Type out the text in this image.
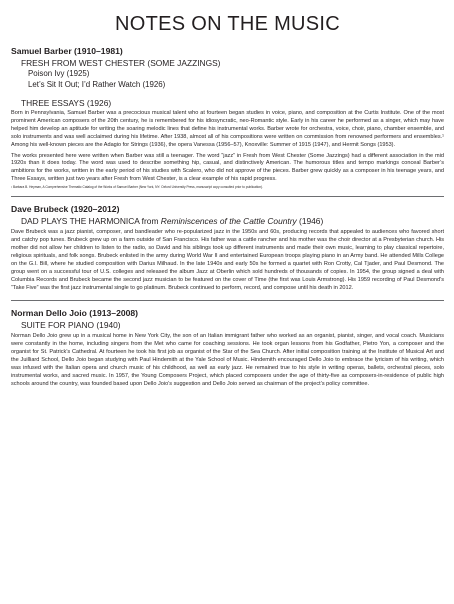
NOTES ON THE MUSIC
Samuel Barber (1910–1981)
FRESH FROM WEST CHESTER (SOME JAZZINGS)
Poison Ivy (1925)
Let’s Sit It Out; I’d Rather Watch (1926)
THREE ESSAYS (1926)

Born in Pennsylvania, Samuel Barber was a precocious musical talent who at fourteen began studies in voice, piano, and composition at the Curtis Institute. One of the most prominent American composers of the 20th century, he is remembered for his idiosyncratic, neo-Romantic style. Early in his career he performed as a singer, which may have helped him develop an aptitude for writing the soaring melodic lines that define his instrumental works. Barber wrote for orchestra, voice, choir, piano, chamber ensemble, and solo instruments and was well acclaimed during his lifetime. After 1938, almost all of his compositions were written on commission from renowned performers and ensembles.¹ Among his well-known pieces are the Adagio for Strings (1936), the opera Vanessa (1956–57), Knoxville: Summer of 1915 (1947), and Hermit Songs (1953).

The works presented here were written when Barber was still a teenager. The word “jazz” in Fresh from West Chester (Some Jazzings) had a different association in the mid 1920s than it does today. The word was used to describe something hip, casual, and distinctively American. The humorous titles and tempo markings conceal Barber’s ambitions for the works, written in the early period of his studies with Scalero, who did not approve of the pieces. Barber grew quickly as a composer in his teenage years, and Three Essays, written just two years after Fresh from West Chester, is a clear example of his rapid progress.

¹ Barbara B. Heyman, A Comprehensive Thematic Catalog of the Works of Samuel Barber (New York, NY: Oxford University Press, manuscript copy consulted prior to publication).

Dave Brubeck (1920–2012)
DAD PLAYS THE HARMONICA from Reminiscences of the Cattle Country (1946)

Dave Brubeck was a jazz pianist, composer, and bandleader who re-popularized jazz in the 1950s and 60s, producing records that appealed to audiences who favored short and catchy pop tunes. Brubeck grew up on a farm outside of San Francisco. His father was a cattle rancher and his mother was the choir director at a Presbyterian church. His mother did not allow her children to listen to the radio, so David and his siblings took up different instruments and made their own music, learning to play classical repertoire, religious spirituals, and folk songs. Brubeck enlisted in the army during World War II and entertained European troops playing piano in an Army band. He attended Mills College on the G.I. Bill, where he studied composition with Darius Milhaud. In the late 1940s and early 50s he formed a quartet with Ron Crotty, Cal Tjader, and Paul Desmond. The group went on a successful tour of U.S. colleges and released the album Jazz at Oberlin which sold hundreds of thousands of copies. In 1954, the group signed a deal with Columbia Records and Brubeck became the second jazz musician to be featured on the cover of Time (the first was Louis Armstrong). His 1959 recording of Paul Desmond’s “Take Five” was the first jazz instrumental single to go platinum. Brubeck continued to perform, record, and compose until his death in 2012.

Norman Dello Joio (1913–2008)
SUITE FOR PIANO (1940)

Norman Dello Joio grew up in a musical home in New York City, the son of an Italian immigrant father who worked as an organist, pianist, singer, and vocal coach. Musicians were constantly in the home, including singers from the Met who came for coaching sessions. He took organ lessons from his Godfather, Pietro Yon, a composer and the organist for St. Patrick’s Cathedral. At fourteen he took his first job as organist of the Star of the Sea Church. After initial composition training at the Institute of Musical Art and the Juilliard School, Dello Joio began studying with Paul Hindemith at the Yale School of Music. Hindemith encouraged Dello Joio to embrace the lyricism of his writing, which was infused with the Italian opera and church music of his childhood, as well as early jazz. He remained true to his style in writing operas, ballets, orchestral pieces, solo instrumental works, and sacred music. In 1957, the Young Composers Project, which placed composers under the age of thirty-five as composers-in-residence of public high schools around the country, was founded based upon Dello Joio’s suggestion and Dello Joio served as chairman of the project’s policy committee.
